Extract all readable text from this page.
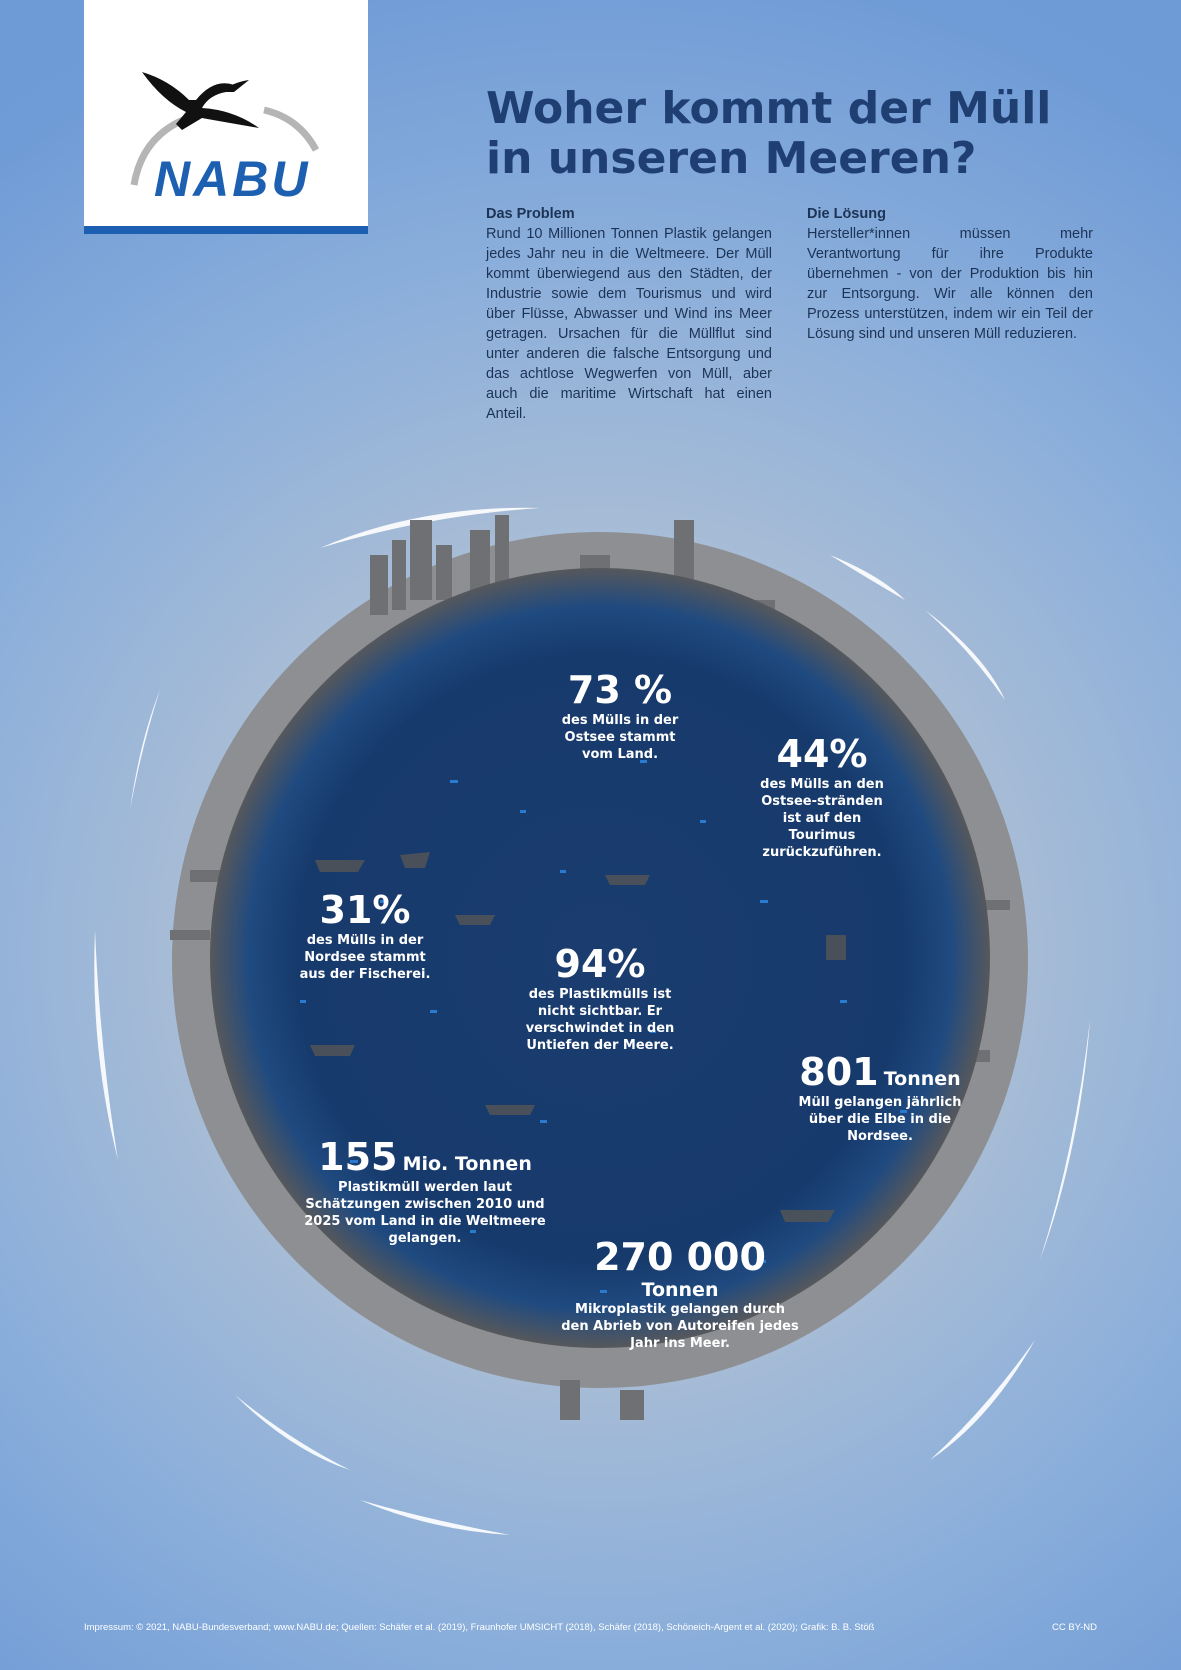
NABU
Woher kommt der Müll
in unseren Meeren?
Das Problem

Rund 10 Millionen Tonnen Plastik gelangen jedes Jahr neu in die Weltmeere. Der Müll kommt überwiegend aus den Städten, der Industrie sowie dem Tourismus und wird über Flüsse, Abwasser und Wind ins Meer getragen. Ursachen für die Müllflut sind unter anderen die falsche Entsorgung und das achtlose Wegwerfen von Müll, aber auch die maritime Wirtschaft hat einen Anteil.

Die Lösung

Hersteller*innen müssen mehr Verantwortung für ihre Produkte übernehmen - von der Produktion bis hin zur Entsorgung. Wir alle können den Prozess unterstützen, indem wir ein Teil der Lösung sind und unseren Müll reduzieren.

73 %
des Mülls in der Ostsee stammt vom Land.	44%
des Mülls an den Ostsee-stränden ist auf den Tourimus zurückzuführen.
31%
des Mülls in der Nordsee stammt aus der Fischerei.	94%
des Plastikmülls ist nicht sichtbar. Er verschwindet in den Untiefen der Meere.
801 Tonnen
Müll gelangen jährlich über die Elbe in die Nordsee.
155 Mio. Tonnen
Plastikmüll werden laut Schätzungen zwischen 2010 und 2025 vom Land in die Weltmeere gelangen.	270 000 Tonnen
Mikroplastik gelangen durch den Abrieb von Autoreifen jedes Jahr ins Meer.
Impressum: © 2021, NABU-Bundesverband; www.NABU.de; Quellen: Schäfer et al. (2019), Fraunhofer UMSICHT (2018), Schäfer (2018), Schöneich-Argent et al. (2020); Grafik: B. B. Stöß	CC BY-ND
